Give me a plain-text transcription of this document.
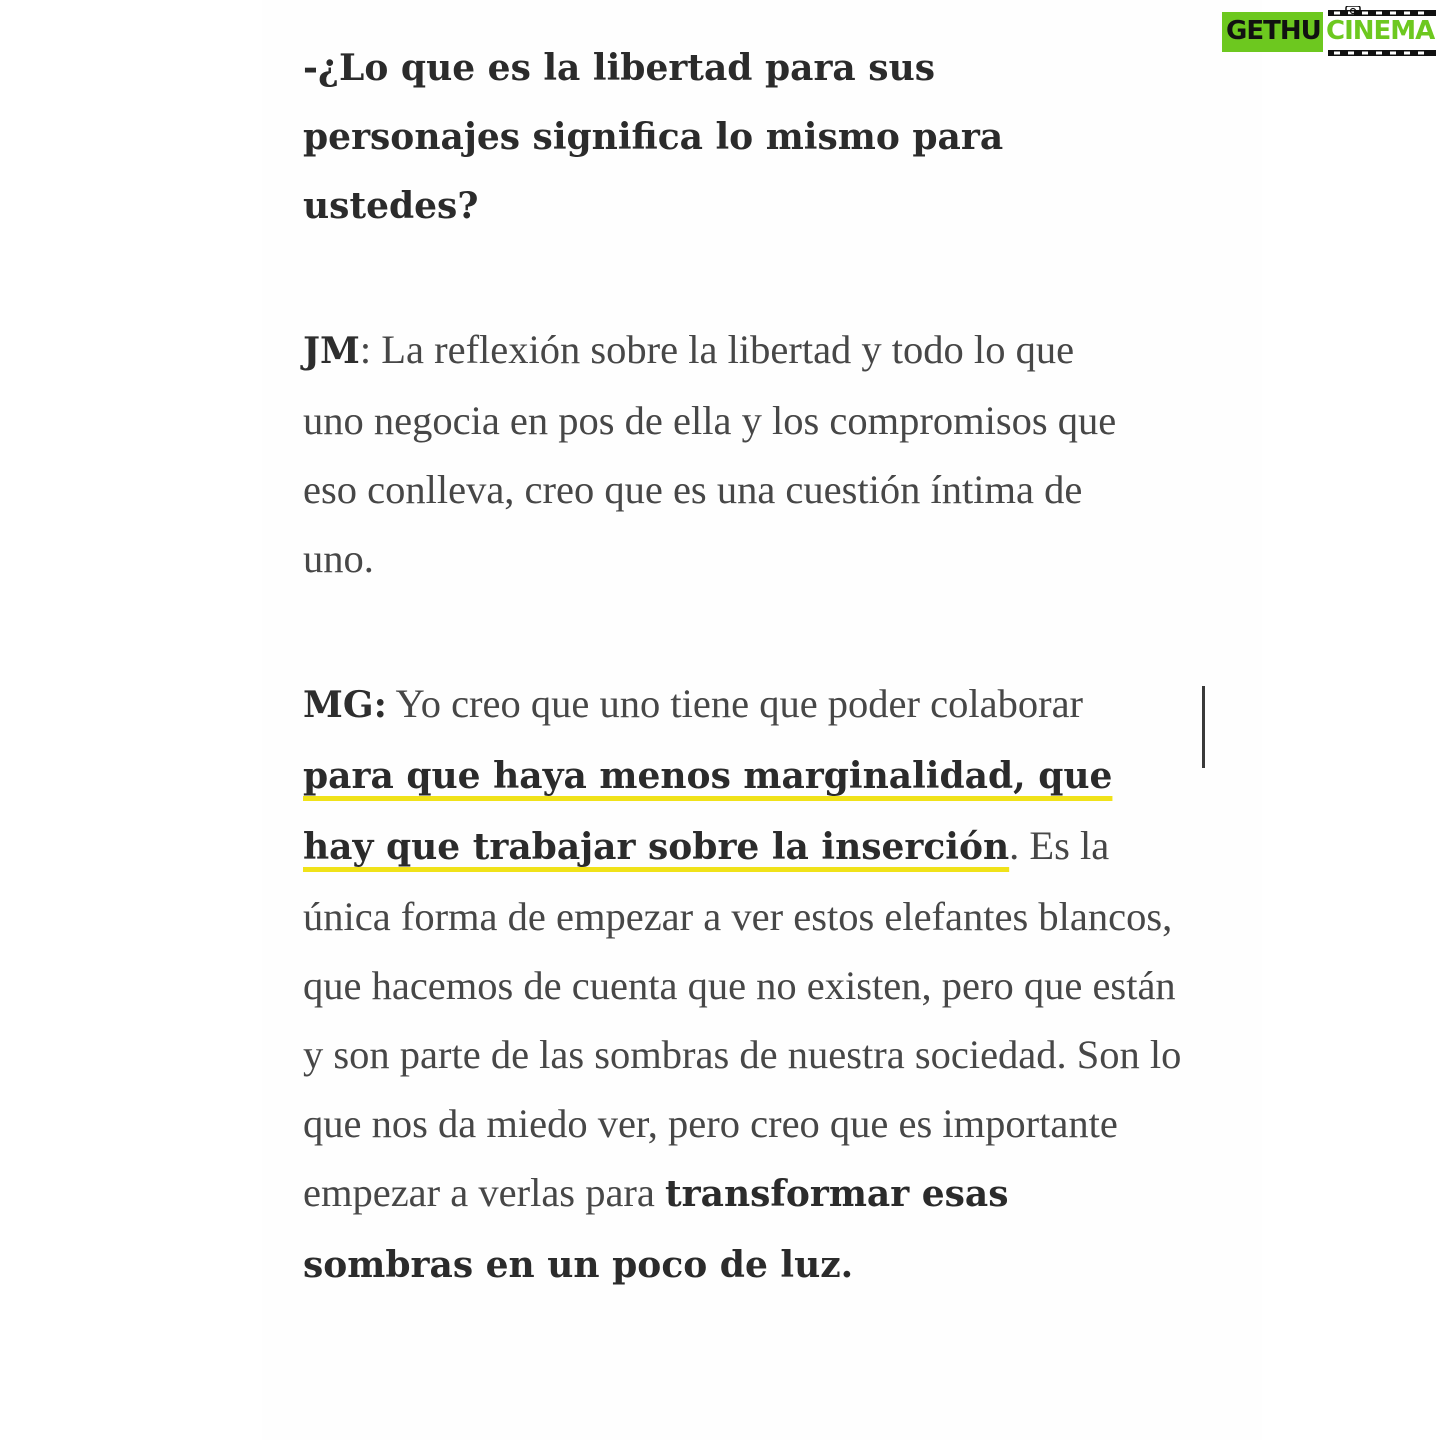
-¿Lo que es la libertad para sus personajes significa lo mismo para ustedes?

JM: La reflexión sobre la libertad y todo lo que uno negocia en pos de ella y los compromisos que eso conlleva, creo que es una cuestión íntima de uno.

MG: Yo creo que uno tiene que poder colaborar para que haya menos marginalidad, que hay que trabajar sobre la inserción. Es la única forma de empezar a ver estos elefantes blancos, que hacemos de cuenta que no existen, pero que están y son parte de las sombras de nuestra sociedad. Son lo que nos da miedo ver, pero creo que es importante empezar a verlas para transformar esas sombras en un poco de luz.

GETHU CINEMA
